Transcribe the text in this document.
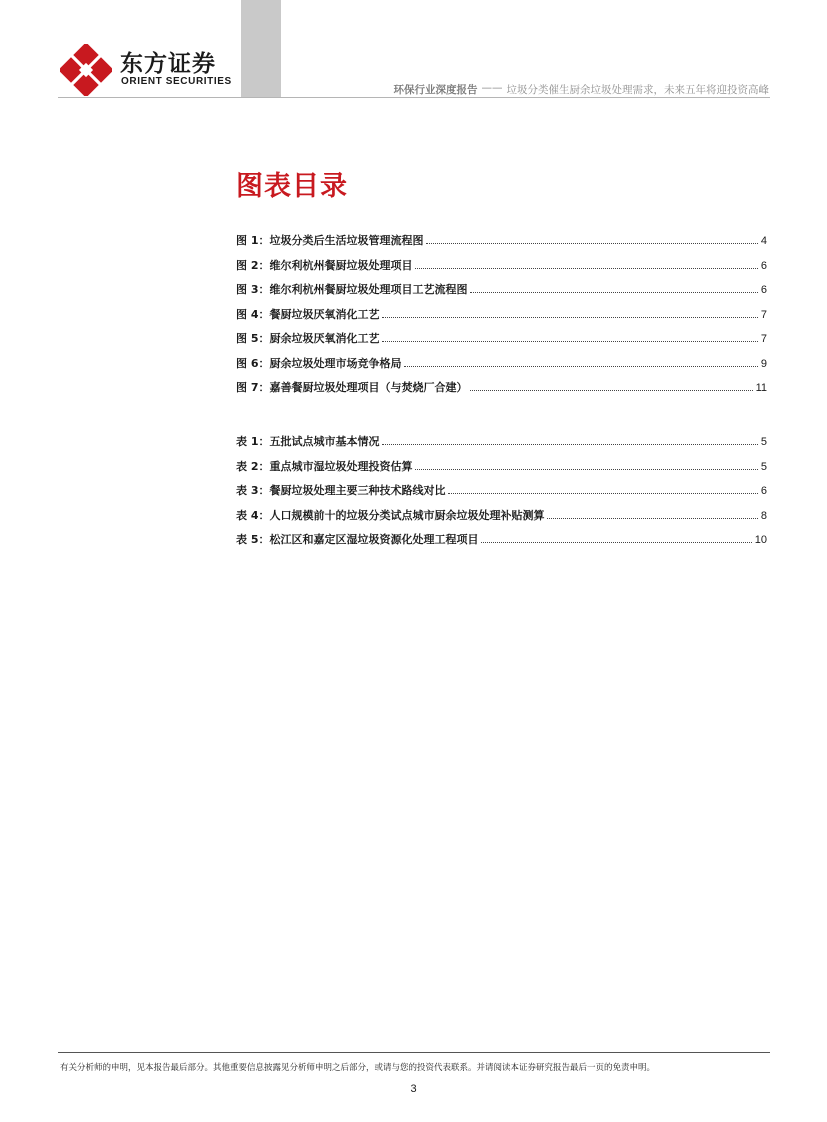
东方证券
ORIENT SECURITIES
环保行业深度报告 —— 垃圾分类催生厨余垃圾处理需求，未来五年将迎投资高峰
图表目录
图 1：垃圾分类后生活垃圾管理流程图	4
图 2：维尔利杭州餐厨垃圾处理项目	6
图 3：维尔利杭州餐厨垃圾处理项目工艺流程图	6
图 4：餐厨垃圾厌氧消化工艺	7
图 5：厨余垃圾厌氧消化工艺	7
图 6：厨余垃圾处理市场竞争格局	9
图 7：嘉善餐厨垃圾处理项目（与焚烧厂合建）	11
表 1：五批试点城市基本情况	5
表 2：重点城市湿垃圾处理投资估算	5
表 3：餐厨垃圾处理主要三种技术路线对比	6
表 4：人口规模前十的垃圾分类试点城市厨余垃圾处理补贴测算	8
表 5：松江区和嘉定区湿垃圾资源化处理工程项目	10
有关分析师的申明，见本报告最后部分。其他重要信息披露见分析师申明之后部分，或请与您的投资代表联系。并请阅读本证券研究报告最后一页的免责申明。
3
